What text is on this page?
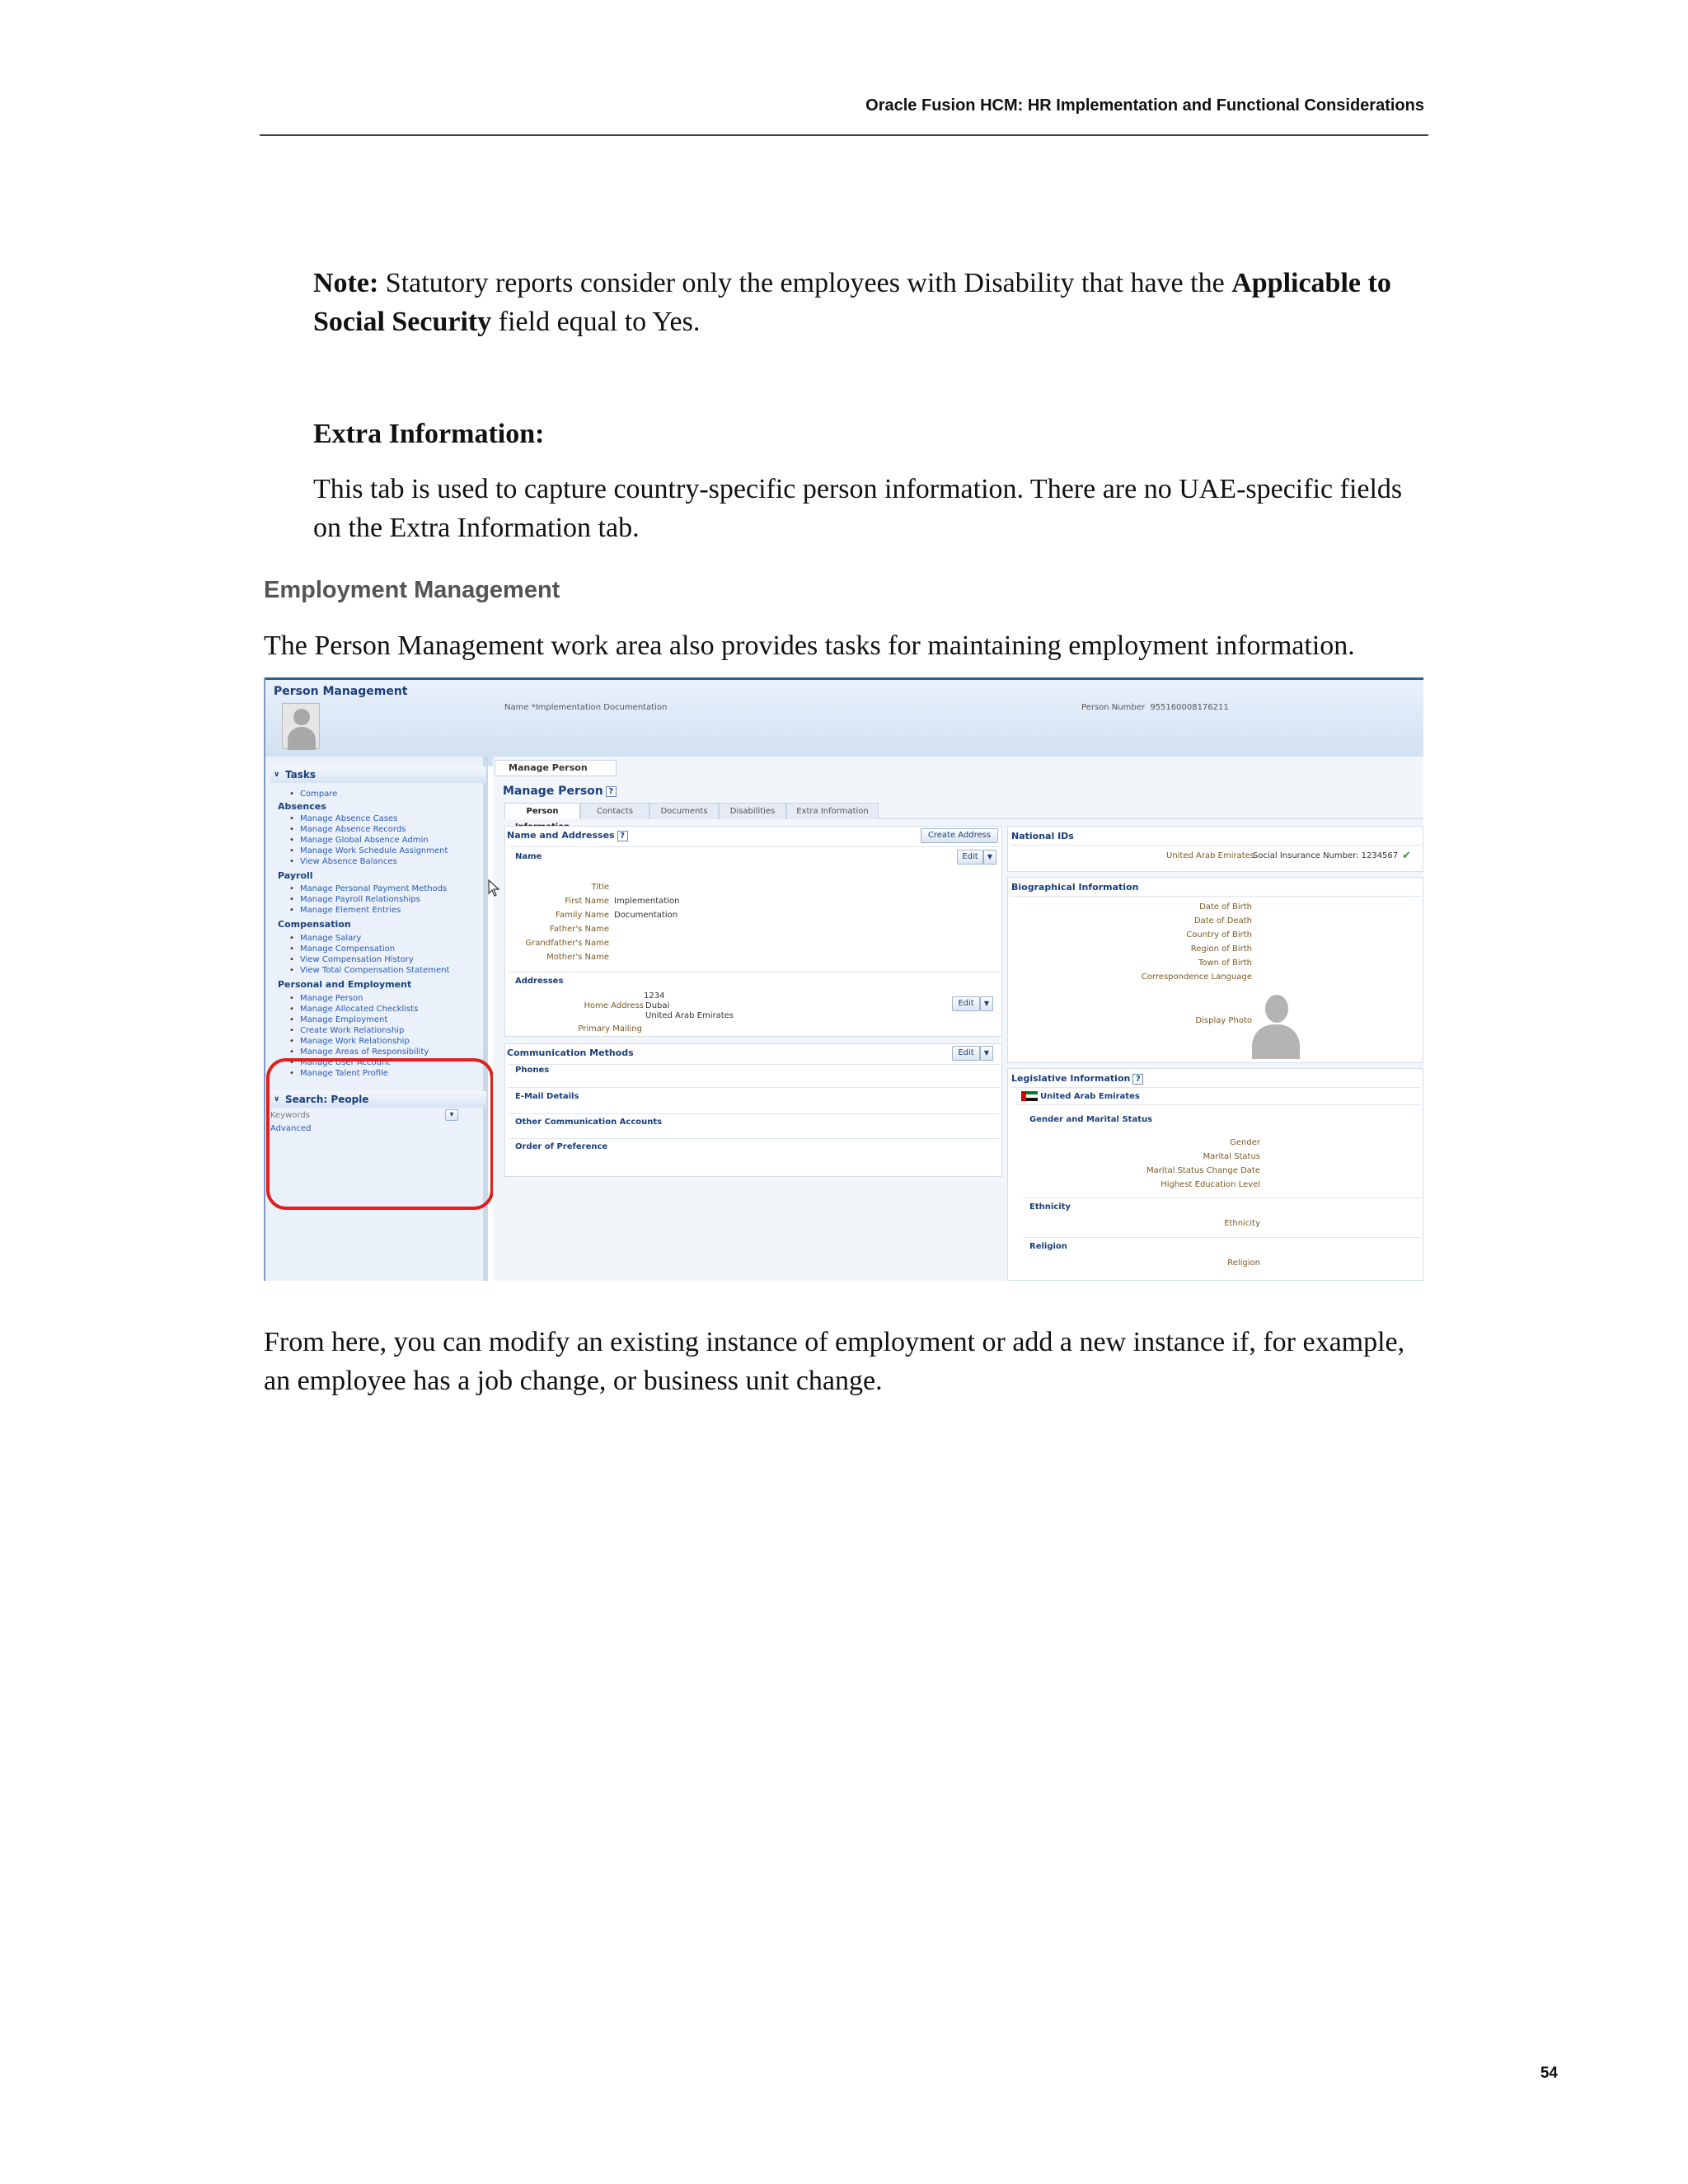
Oracle Fusion HCM: HR Implementation and Functional Considerations
Note: Statutory reports consider only the employees with Disability that have the Applicable to Social Security field equal to Yes.
Extra Information:
This tab is used to capture country-specific person information. There are no UAE-specific fields on the Extra Information tab.
Employment Management
The Person Management work area also provides tasks for maintaining employment information.
Person Management
Name *Implementation Documentation	Person Number 955160008176211
∨ Tasks
• Compare
Absences
• Manage Absence Cases
• Manage Absence Records
• Manage Global Absence Admin
• Manage Work Schedule Assignment
• View Absence Balances
Payroll
• Manage Personal Payment Methods
• Manage Payroll Relationships
• Manage Element Entries
Compensation
• Manage Salary
• Manage Compensation
• View Compensation History
• View Total Compensation Statement
Personal and Employment
• Manage Person
• Manage Allocated Checklists
• Manage Employment
• Create Work Relationship
• Manage Work Relationship
• Manage Areas of Responsibility
• Manage User Account
• Manage Talent Profile
∨ Search: People
• Keywords	▾
• Advanced
Manage Person
Manage Person ?
Person	Contacts	Documents	Disabilities	Extra Information
Name and Addresses ?	Create Address
Name	Edit	▼
Title
First Name Implementation
Family Name Documentation
Father's Name
Grandfather's Name
Mother's Name
Addresses
1234
Home Address Dubai
United Arab Emirates
Edit	▼
Primary Mailing
Communication Methods	Edit	▼
Phones
E-Mail Details
Other Communication Accounts
Order of Preference
National IDs
United Arab Emirates
Social Insurance Number: 1234567 ✔
Biographical Information
Date of Birth
Date of Death
Country of Birth
Region of Birth
Town of Birth
Correspondence Language
Display Photo
Legislative Information ?
United Arab Emirates
Gender and Marital Status
Gender
Marital Status
Marital Status Change Date
Highest Education Level
Ethnicity
Ethnicity
Religion
Religion
From here, you can modify an existing instance of employment or add a new instance if, for example, an employee has a job change, or business unit change.
54
